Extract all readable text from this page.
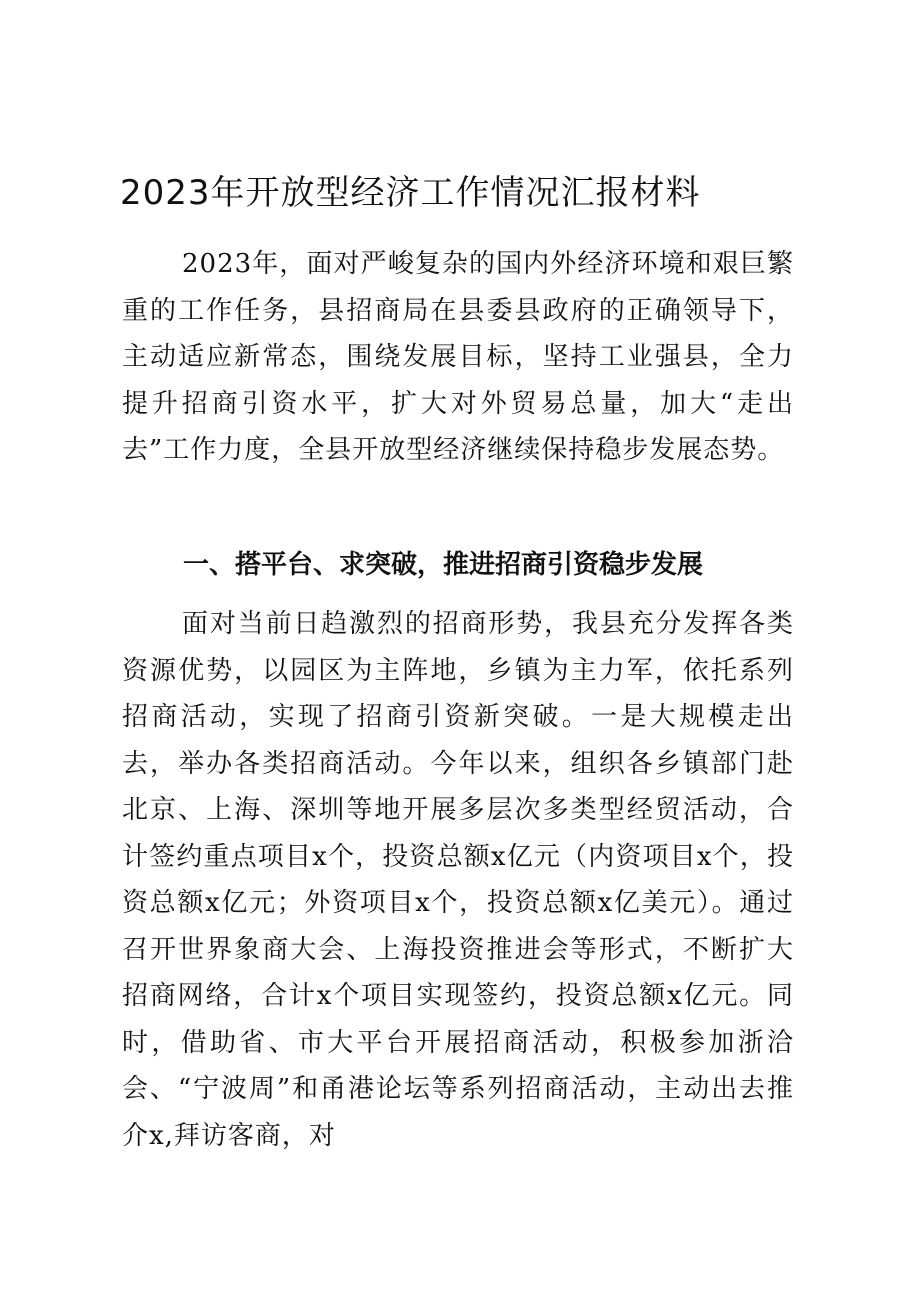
2023年开放型经济工作情况汇报材料

2023年，面对严峻复杂的国内外经济环境和艰巨繁重的工作任务，县招商局在县委县政府的正确领导下，主动适应新常态，围绕发展目标，坚持工业强县，全力提升招商引资水平，扩大对外贸易总量，加大“走出去”工作力度，全县开放型经济继续保持稳步发展态势。

一、搭平台、求突破，推进招商引资稳步发展

面对当前日趋激烈的招商形势，我县充分发挥各类资源优势，以园区为主阵地，乡镇为主力军，依托系列招商活动，实现了招商引资新突破。一是大规模走出去，举办各类招商活动。今年以来，组织各乡镇部门赴北京、上海、深圳等地开展多层次多类型经贸活动，合计签约重点项目x个，投资总额x亿元（内资项目x个，投资总额x亿元；外资项目x个，投资总额x亿美元）。通过召开世界象商大会、上海投资推进会等形式，不断扩大招商网络，合计x个项目实现签约，投资总额x亿元。同时，借助省、市大平台开展招商活动，积极参加浙洽会、“宁波周”和甬港论坛等系列招商活动，主动出去推介x,拜访客商，对
